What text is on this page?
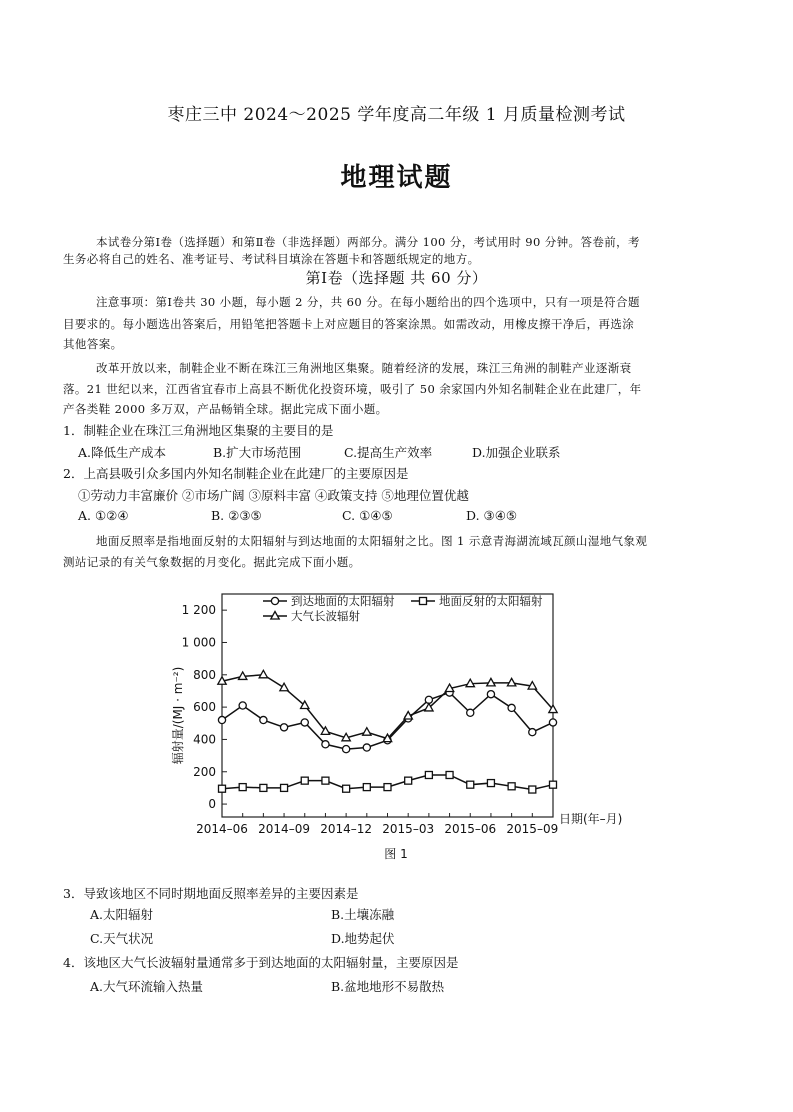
枣庄三中 2024～2025 学年度高二年级 1 月质量检测考试
地理试题
本试卷分第Ⅰ卷（选择题）和第Ⅱ卷（非选择题）两部分。满分 100 分，考试用时 90 分钟。答卷前，考
生务必将自己的姓名、准考证号、考试科目填涂在答题卡和答题纸规定的地方。
第Ⅰ卷（选择题 共 60 分）
注意事项：第Ⅰ卷共 30 小题，每小题 2 分，共 60 分。在每小题给出的四个选项中，只有一项是符合题
目要求的。每小题选出答案后，用铅笔把答题卡上对应题目的答案涂黑。如需改动，用橡皮擦干净后，再选涂
其他答案。
改革开放以来，制鞋企业不断在珠江三角洲地区集聚。随着经济的发展，珠江三角洲的制鞋产业逐渐衰
落。21 世纪以来，江西省宜春市上高县不断优化投资环境，吸引了 50 余家国内外知名制鞋企业在此建厂，年
产各类鞋 2000 多万双，产品畅销全球。据此完成下面小题。
1．制鞋企业在珠江三角洲地区集聚的主要目的是
A.降低生产成本	B.扩大市场范围	C.提高生产效率	D.加强企业联系
2．上高县吸引众多国内外知名制鞋企业在此建厂的主要原因是
①劳动力丰富廉价 ②市场广阔 ③原料丰富 ④政策支持 ⑤地理位置优越
A. ①②④	B. ②③⑤	C. ①④⑤	D. ③④⑤
地面反照率是指地面反射的太阳辐射与到达地面的太阳辐射之比。图 1 示意青海湖流域瓦颜山湿地气象观
测站记录的有关气象数据的月变化。据此完成下面小题。
0
200
400
600
800
1 000
1 200
2014–06 2014–09 2014–12 2015–03 2015–06 2015–09
日期(年–月)
辐射量/(MJ · m⁻²)
到达地面的太阳辐射	地面反射的太阳辐射
大气长波辐射
图 1
3．导致该地区不同时期地面反照率差异的主要因素是
A.太阳辐射	B.土壤冻融
C.天气状况	D.地势起伏
4．该地区大气长波辐射量通常多于到达地面的太阳辐射量，主要原因是
A.大气环流输入热量	B.盆地地形不易散热
